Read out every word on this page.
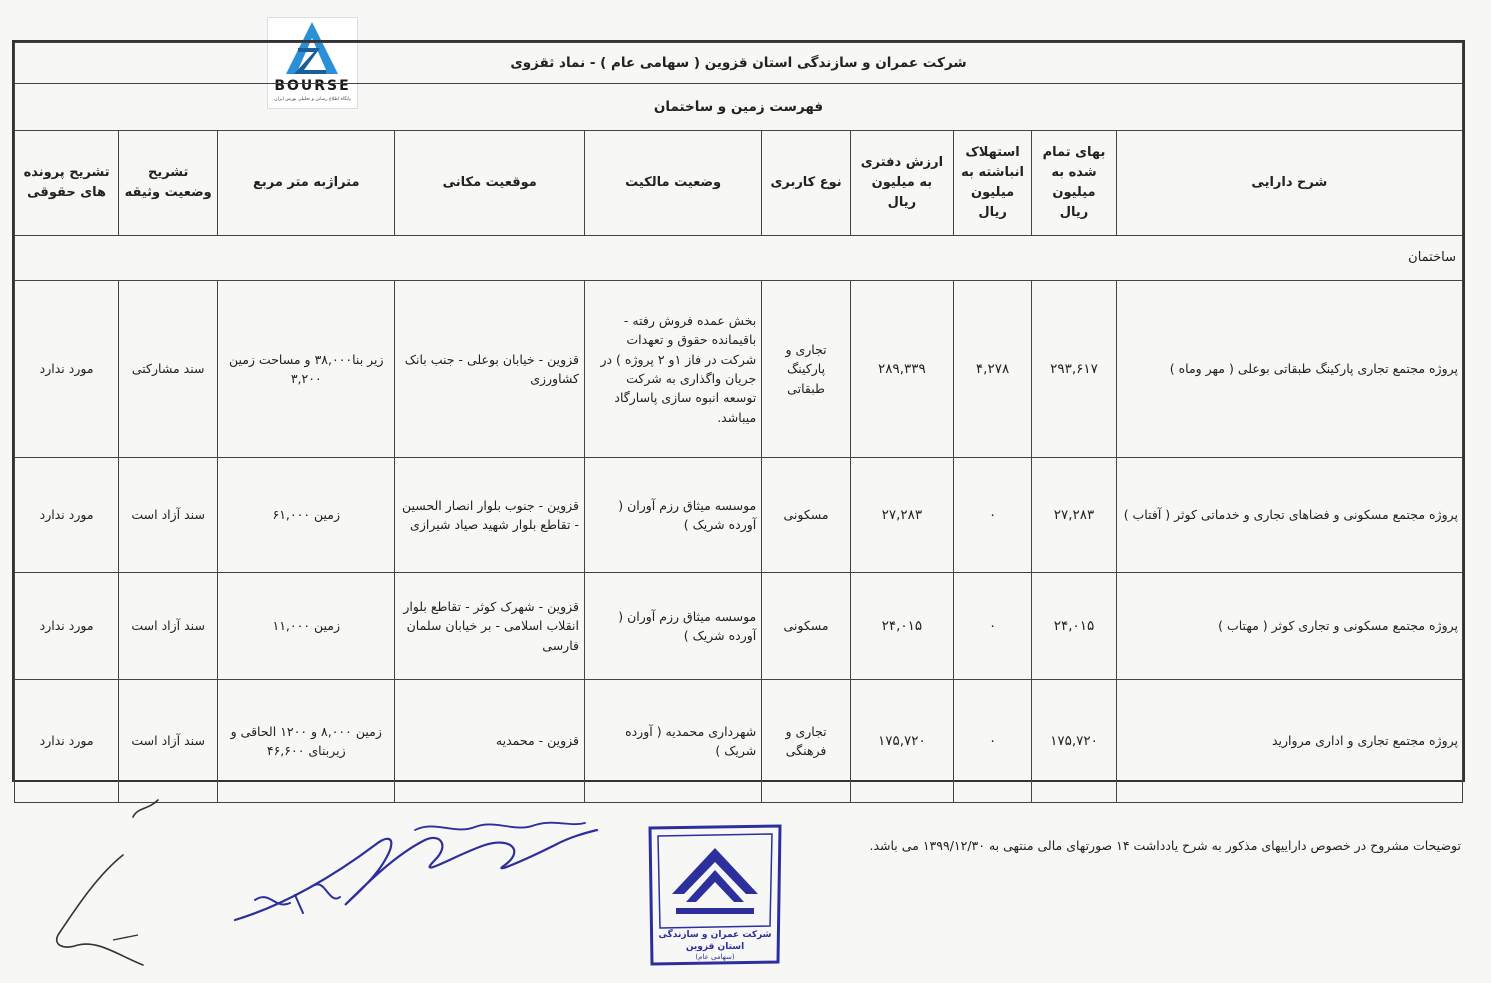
BOURSE
پایگاه اطلاع رسانی و تحلیلی بورس ایران
شرکت عمران و سازندگی استان قزوین ( سهامی عام ) - نماد ثقزوی									
فهرست زمین و ساختمان									
شرح دارایی	بهای تمام شده به میلیون ریال	استهلاک انباشته به میلیون ریال	ارزش دفتری به میلیون ریال	نوع کاربری	وضعیت مالکیت	موقعیت مکانی	متراژبه متر مربع	تشریح وضعیت وثیقه	تشریح پرونده های حقوقی
ساختمان									
پروژه مجتمع تجاری پارکینگ طبقاتی بوعلی ( مهر وماه )	۲۹۳,۶۱۷	۴,۲۷۸	۲۸۹,۳۳۹	تجاری و پارکینگ طبقاتی	بخش عمده فروش رفته - باقیمانده حقوق و تعهدات شرکت در فاز ۱و ۲ پروژه ) در جریان واگذاری به شرکت توسعه انبوه سازی پاسارگاد میباشد.	قزوین - خیابان بوعلی - جنب بانک کشاورزی	زیر بنا۳۸,۰۰۰ و مساحت زمین ۳,۲۰۰	سند مشارکتی	مورد ندارد
پروژه مجتمع مسکونی و فضاهای تجاری و خدماتی کوثر ( آفتاب )	۲۷,۲۸۳	۰	۲۷,۲۸۳	مسکونی	موسسه میثاق رزم آوران ( آورده شریک )	قزوین - جنوب بلوار انصار الحسین - تقاطع بلوار شهید صیاد شیرازی	زمین ۶۱,۰۰۰	سند آزاد است	مورد ندارد
پروژه مجتمع مسکونی و تجاری کوثر ( مهتاب )	۲۴,۰۱۵	۰	۲۴,۰۱۵	مسکونی	موسسه میثاق رزم آوران ( آورده شریک )	قزوین - شهرک کوثر - تقاطع بلوار انقلاب اسلامی - بر خیابان سلمان فارسی	زمین ۱۱,۰۰۰	سند آزاد است	مورد ندارد
پروژه مجتمع تجاری و اداری مروارید	۱۷۵,۷۲۰	۰	۱۷۵,۷۲۰	تجاری و فرهنگی	شهرداری محمدیه ( آورده شریک )	قزوین - محمدیه	زمین ۸,۰۰۰ و ۱۲۰۰ الحاقی و زیربنای ۴۶,۶۰۰	سند آزاد است	مورد ندارد
توضیحات مشروح در خصوص داراییهای مذکور به شرح یادداشت ۱۴ صورتهای مالی منتهی به ۱۳۹۹/۱۲/۳۰ می باشد.
شرکت عمران و سازندگی
استان قزوین
(سهامی عام)
